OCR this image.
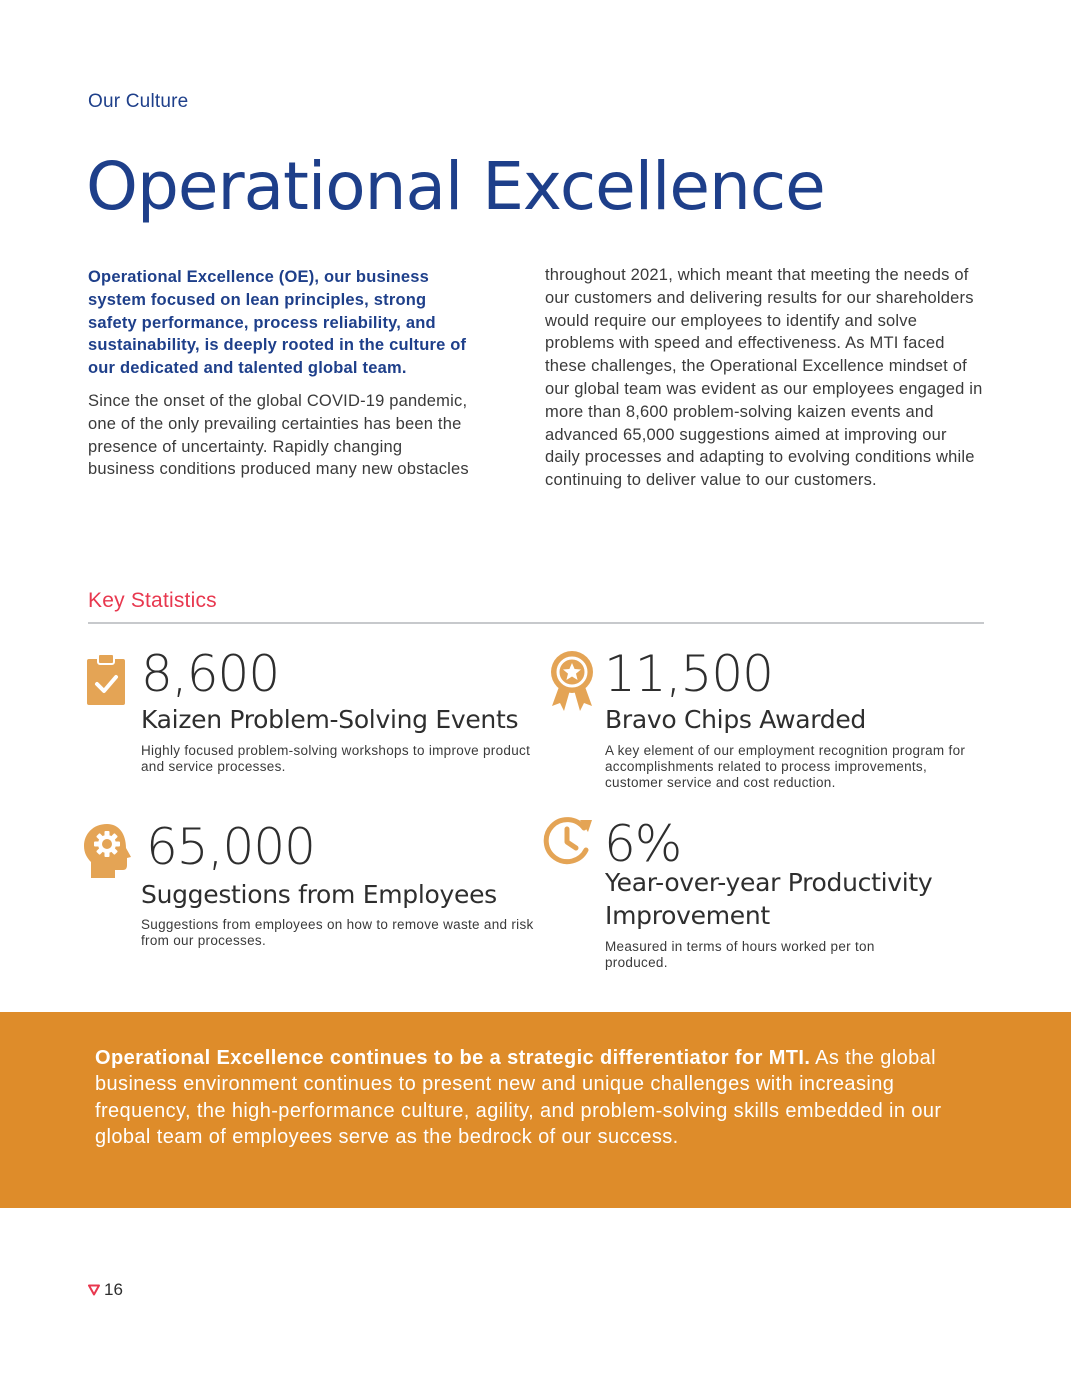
Our Culture
Operational Excellence

Operational Excellence (OE), our business system focused on lean principles, strong safety performance, process reliability, and sustainability, is deeply rooted in the culture of our dedicated and talented global team.

Since the onset of the global COVID-19 pandemic, one of the only prevailing certainties has been the presence of uncertainty. Rapidly changing business conditions produced many new obstacles

throughout 2021, which meant that meeting the needs of our customers and delivering results for our shareholders would require our employees to identify and solve problems with speed and effectiveness. As MTI faced these challenges, the Operational Excellence mindset of our global team was evident as our employees engaged in more than 8,600 problem-solving kaizen events and advanced 65,000 suggestions aimed at improving our daily processes and adapting to evolving conditions while continuing to deliver value to our customers.

Key Statistics
8,600
Kaizen Problem-Solving Events
Highly focused problem-solving workshops to improve product and service processes.
11,500
Bravo Chips Awarded
A key element of our employment recognition program for accomplishments related to process improvements, customer service and cost reduction.
65,000
Suggestions from Employees
Suggestions from employees on how to remove waste and risk from our processes.
6%
Year-over-year Productivity Improvement
Measured in terms of hours worked per ton produced.

Operational Excellence continues to be a strategic differentiator for MTI. As the global business environment continues to present new and unique challenges with increasing frequency, the high-performance culture, agility, and problem-solving skills embedded in our global team of employees serve as the bedrock of our success.

16
